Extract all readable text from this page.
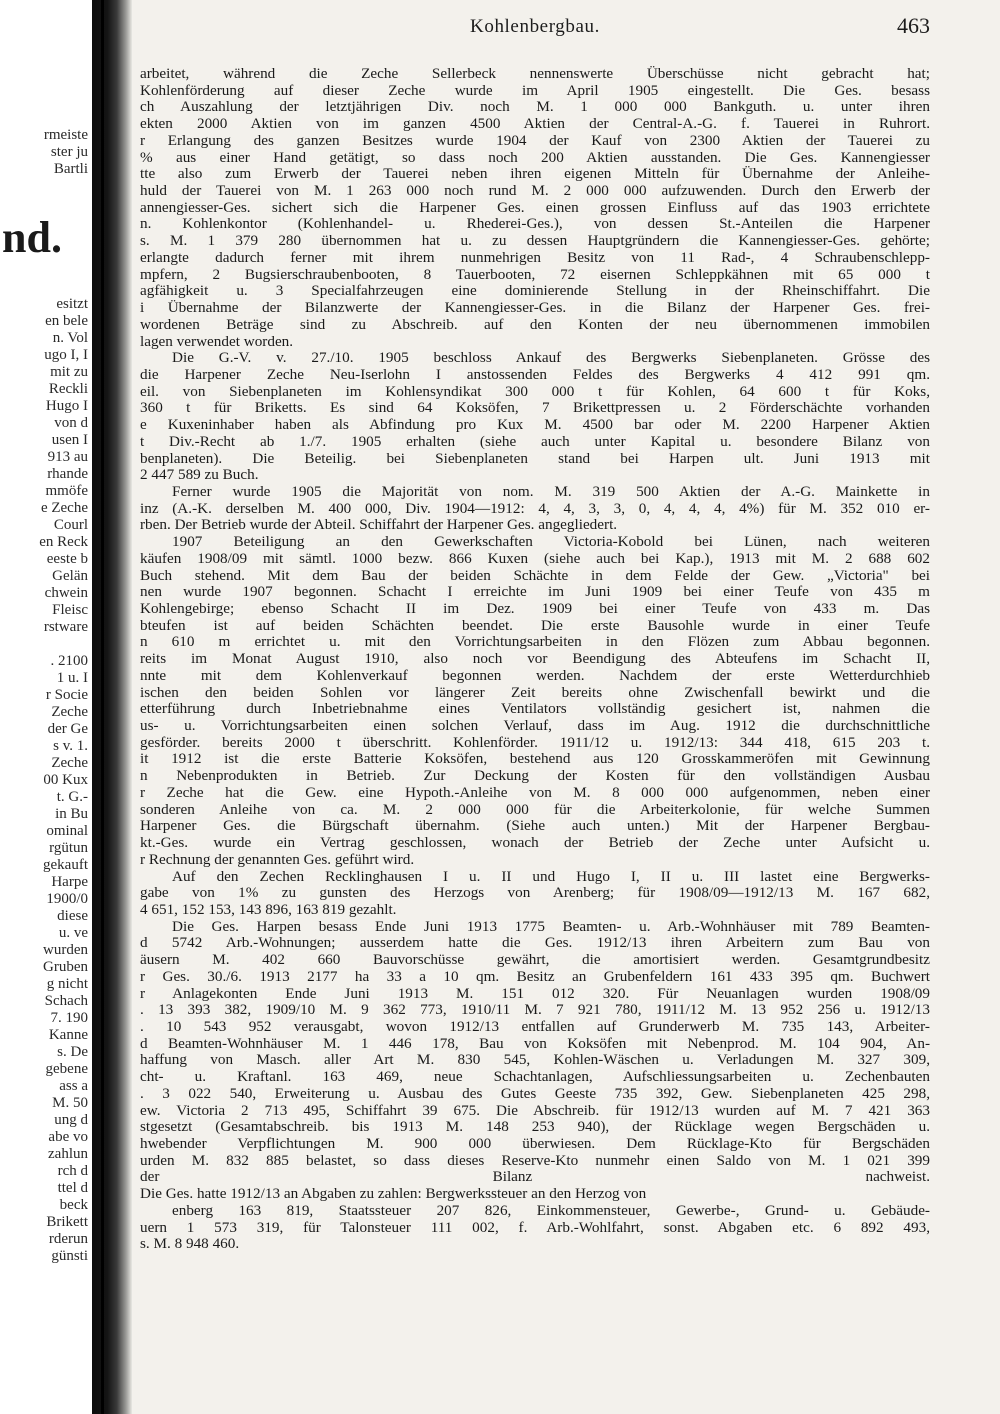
nd.
rmeiste
ster ju
Bartli
esitzt
en bele
n. Vol
ugo I, I
mit zu
Reckli
Hugo I
von d
usen I
913 au
rhande
mmöfe
e Zeche
Courl
en Reck
eeste b
Gelän
chwein
Fleisc
rstware
. 2100
1 u. I
r Socie
Zeche
der Ge
s v. 1.
Zeche
00 Kux
t. G.-
in Bu
ominal
rgütun
gekauft
Harpe
1900/0
diese
u. ve
wurden
Gruben
g nicht
Schach
7. 190
Kanne
s. De
gebene
ass a
M. 50
ung d
abe vo
zahlun
rch d
ttel d
beck
Brikett
rderun
günsti
Kohlenbergbau.	463
arbeitet, während die Zeche Sellerbeck nennenswerte Überschüsse nicht gebracht hat;
Kohlenförderung auf dieser Zeche wurde im April 1905 eingestellt. Die Ges. besass
ch Auszahlung der letztjährigen Div. noch M. 1 000 000 Bankguth. u. unter ihren
ekten 2000 Aktien von im ganzen 4500 Aktien der Central-A.-G. f. Tauerei in Ruhrort.
r Erlangung des ganzen Besitzes wurde 1904 der Kauf von 2300 Aktien der Tauerei zu
% aus einer Hand getätigt, so dass noch 200 Aktien ausstanden. Die Ges. Kannengiesser
tte also zum Erwerb der Tauerei neben ihren eigenen Mitteln für Übernahme der Anleihe-
huld der Tauerei von M. 1 263 000 noch rund M. 2 000 000 aufzuwenden. Durch den Erwerb der
annengiesser-Ges. sichert sich die Harpener Ges. einen grossen Einfluss auf das 1903 errichtete
n. Kohlenkontor (Kohlenhandel- u. Rhederei-Ges.), von dessen St.-Anteilen die Harpener
s. M. 1 379 280 übernommen hat u. zu dessen Hauptgründern die Kannengiesser-Ges. gehörte;
erlangte dadurch ferner mit ihrem nunmehrigen Besitz von 11 Rad-, 4 Schraubenschlepp-
mpfern, 2 Bugsierschraubenbooten, 8 Tauerbooten, 72 eisernen Schleppkähnen mit 65 000 t
agfähigkeit u. 3 Specialfahrzeugen eine dominierende Stellung in der Rheinschiffahrt. Die
i Übernahme der Bilanzwerte der Kannengiesser-Ges. in die Bilanz der Harpener Ges. frei-
wordenen Beträge sind zu Abschreib. auf den Konten der neu übernommenen immobilen
lagen verwendet worden.
Die G.-V. v. 27./10. 1905 beschloss Ankauf des Bergwerks Siebenplaneten. Grösse des
die Harpener Zeche Neu-Iserlohn I anstossenden Feldes des Bergwerks 4 412 991 qm.
eil. von Siebenplaneten im Kohlensyndikat 300 000 t für Kohlen, 64 600 t für Koks,
360 t für Briketts. Es sind 64 Koksöfen, 7 Brikettpressen u. 2 Förderschächte vorhanden
e Kuxeninhaber haben als Abfindung pro Kux M. 4500 bar oder M. 2200 Harpener Aktien
t Div.-Recht ab 1./7. 1905 erhalten (siehe auch unter Kapital u. besondere Bilanz von
benplaneten). Die Beteilig. bei Siebenplaneten stand bei Harpen ult. Juni 1913 mit
2 447 589 zu Buch.
Ferner wurde 1905 die Majorität von nom. M. 319 500 Aktien der A.-G. Mainkette in
inz (A.-K. derselben M. 400 000, Div. 1904—1912: 4, 4, 3, 3, 0, 4, 4, 4, 4%) für M. 352 010 er-
rben. Der Betrieb wurde der Abteil. Schiffahrt der Harpener Ges. angegliedert.
1907 Beteiligung an den Gewerkschaften Victoria-Kobold bei Lünen, nach weiteren
käufen 1908/09 mit sämtl. 1000 bezw. 866 Kuxen (siehe auch bei Kap.), 1913 mit M. 2 688 602
Buch stehend. Mit dem Bau der beiden Schächte in dem Felde der Gew. „Victoria" bei
nen wurde 1907 begonnen. Schacht I erreichte im Juni 1909 bei einer Teufe von 435 m
Kohlengebirge; ebenso Schacht II im Dez. 1909 bei einer Teufe von 433 m. Das
bteufen ist auf beiden Schächten beendet. Die erste Bausohle wurde in einer Teufe
n 610 m errichtet u. mit den Vorrichtungsarbeiten in den Flözen zum Abbau begonnen.
reits im Monat August 1910, also noch vor Beendigung des Abteufens im Schacht II,
nnte mit dem Kohlenverkauf begonnen werden. Nachdem der erste Wetterdurchhieb
ischen den beiden Sohlen vor längerer Zeit bereits ohne Zwischenfall bewirkt und die
etterführung durch Inbetriebnahme eines Ventilators vollständig gesichert ist, nahmen die
us- u. Vorrichtungsarbeiten einen solchen Verlauf, dass im Aug. 1912 die durchschnittliche
gesförder. bereits 2000 t überschritt. Kohlenförder. 1911/12 u. 1912/13: 344 418, 615 203 t.
it 1912 ist die erste Batterie Koksöfen, bestehend aus 120 Grosskammeröfen mit Gewinnung
n Nebenprodukten in Betrieb. Zur Deckung der Kosten für den vollständigen Ausbau
r Zeche hat die Gew. eine Hypoth.-Anleihe von M. 8 000 000 aufgenommen, neben einer
sonderen Anleihe von ca. M. 2 000 000 für die Arbeiterkolonie, für welche Summen
Harpener Ges. die Bürgschaft übernahm. (Siehe auch unten.) Mit der Harpener Bergbau-
kt.-Ges. wurde ein Vertrag geschlossen, wonach der Betrieb der Zeche unter Aufsicht u.
r Rechnung der genannten Ges. geführt wird.
Auf den Zechen Recklinghausen I u. II und Hugo I, II u. III lastet eine Bergwerks-
gabe von 1% zu gunsten des Herzogs von Arenberg; für 1908/09—1912/13 M. 167 682,
4 651, 152 153, 143 896, 163 819 gezahlt.
Die Ges. Harpen besass Ende Juni 1913 1775 Beamten- u. Arb.-Wohnhäuser mit 789 Beamten-
d 5742 Arb.-Wohnungen; ausserdem hatte die Ges. 1912/13 ihren Arbeitern zum Bau von
äusern M. 402 660 Bauvorschüsse gewährt, die amortisiert werden. Gesamtgrundbesitz
r Ges. 30./6. 1913 2177 ha 33 a 10 qm. Besitz an Grubenfeldern 161 433 395 qm. Buchwert
r Anlagekonten Ende Juni 1913 M. 151 012 320. Für Neuanlagen wurden 1908/09
. 13 393 382, 1909/10 M. 9 362 773, 1910/11 M. 7 921 780, 1911/12 M. 13 952 256 u. 1912/13
. 10 543 952 verausgabt, wovon 1912/13 entfallen auf Grunderwerb M. 735 143, Arbeiter-
d Beamten-Wohnhäuser M. 1 446 178, Bau von Koksöfen mit Nebenprod. M. 104 904, An-
haffung von Masch. aller Art M. 830 545, Kohlen-Wäschen u. Verladungen M. 327 309,
cht- u. Kraftanl. 163 469, neue Schachtanlagen, Aufschliessungsarbeiten u. Zechenbauten
. 3 022 540, Erweiterung u. Ausbau des Gutes Geeste 735 392, Gew. Siebenplaneten 425 298,
ew. Victoria 2 713 495, Schiffahrt 39 675. Die Abschreib. für 1912/13 wurden auf M. 7 421 363
stgesetzt (Gesamtabschreib. bis 1913 M. 148 253 940), der Rücklage wegen Bergschäden u.
hwebender Verpflichtungen M. 900 000 überwiesen. Dem Rücklage-Kto für Bergschäden
urden M. 832 885 belastet, so dass dieses Reserve-Kto nunmehr einen Saldo von M. 1 021 399
der Bilanz nachweist.
Die Ges. hatte 1912/13 an Abgaben zu zahlen: Bergwerkssteuer an den Herzog von
enberg 163 819, Staatssteuer 207 826, Einkommensteuer, Gewerbe-, Grund- u. Gebäude-
uern 1 573 319, für Talonsteuer 111 002, f. Arb.-Wohlfahrt, sonst. Abgaben etc. 6 892 493,
s. M. 8 948 460.
